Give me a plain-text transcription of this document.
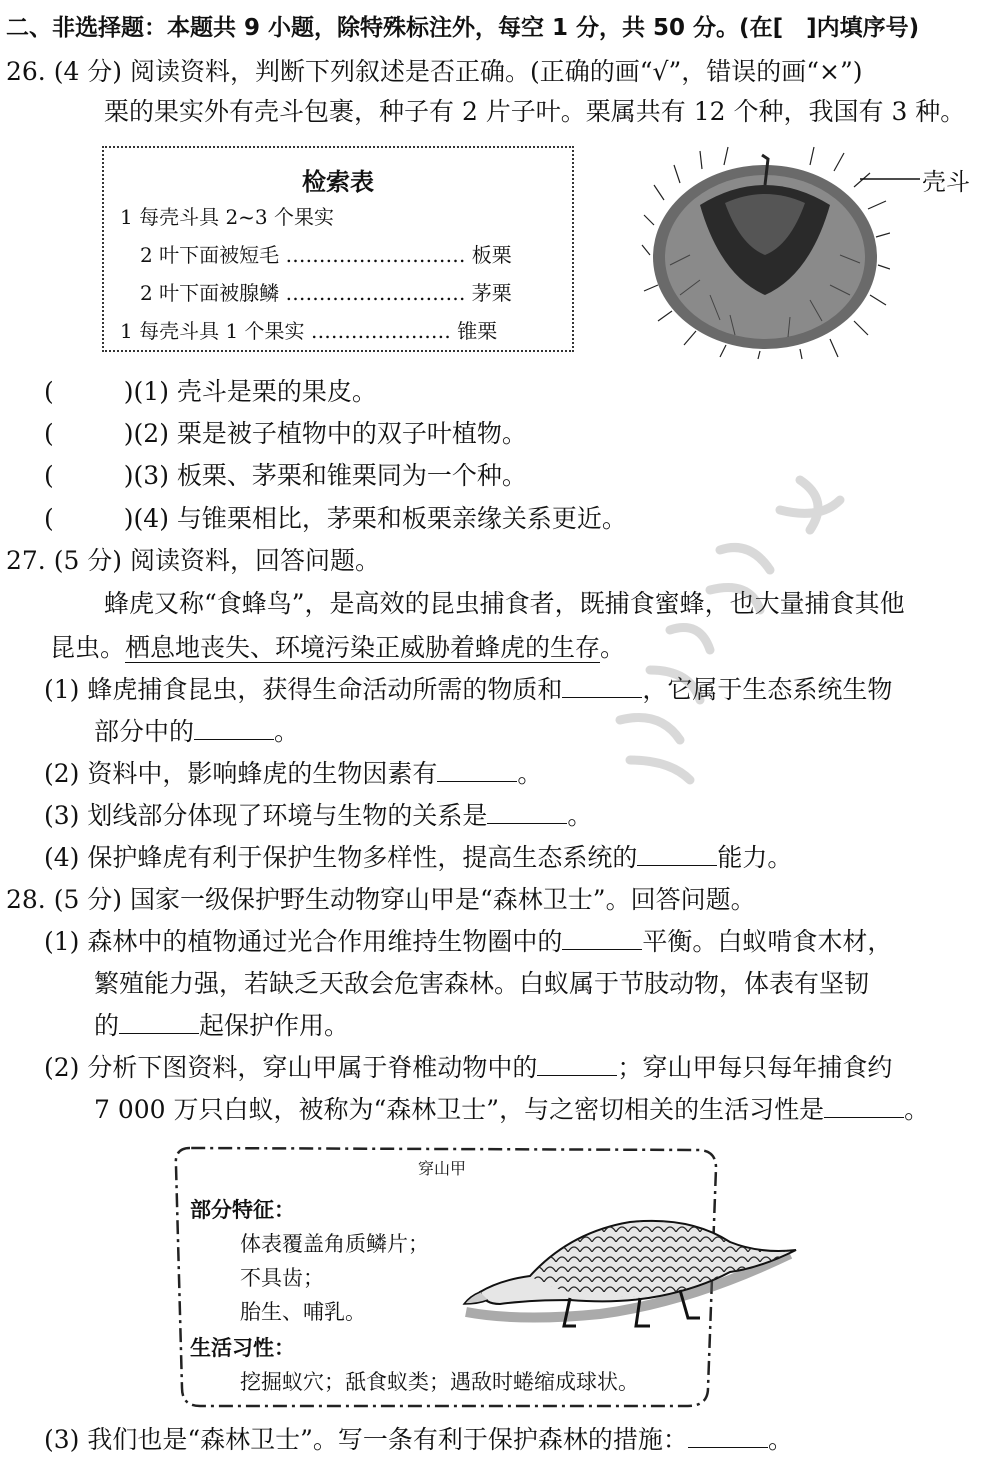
二、非选择题：本题共 9 小题，除特殊标注外，每空 1 分，共 50 分。(在[　]内填序号)
26. (4 分) 阅读资料，判断下列叙述是否正确。(正确的画“√”，错误的画“×”)
栗的果实外有壳斗包裹，种子有 2 片子叶。栗属共有 12 个种，我国有 3 种。
检索表
1 每壳斗具 2~3 个果实
2 叶下面被短毛 ……………………… 板栗
2 叶下面被腺鳞 ……………………… 茅栗
1 每壳斗具 1 个果实 ………………… 锥栗
壳斗
(	)(1) 壳斗是栗的果皮。
(	)(2) 栗是被子植物中的双子叶植物。
(	)(3) 板栗、茅栗和锥栗同为一个种。
(	)(4) 与锥栗相比，茅栗和板栗亲缘关系更近。
27. (5 分) 阅读资料，回答问题。
蜂虎又称“食蜂鸟”，是高效的昆虫捕食者，既捕食蜜蜂，也大量捕食其他
昆虫。栖息地丧失、环境污染正威胁着蜂虎的生存。
(1) 蜂虎捕食昆虫，获得生命活动所需的物质和	，它属于生态系统生物
部分中的	。
(2) 资料中，影响蜂虎的生物因素有	。
(3) 划线部分体现了环境与生物的关系是	。
(4) 保护蜂虎有利于保护生物多样性，提高生态系统的	能力。
28. (5 分) 国家一级保护野生动物穿山甲是“森林卫士”。回答问题。
(1) 森林中的植物通过光合作用维持生物圈中的	平衡。白蚁啃食木材，
繁殖能力强，若缺乏天敌会危害森林。白蚁属于节肢动物，体表有坚韧
的	起保护作用。
(2) 分析下图资料，穿山甲属于脊椎动物中的	；穿山甲每只每年捕食约
7 000 万只白蚁，被称为“森林卫士”，与之密切相关的生活习性是	。
穿山甲
部分特征：
体表覆盖角质鳞片；
不具齿；
胎生、哺乳。
生活习性：
挖掘蚁穴；舐食蚁类；遇敌时蜷缩成球状。
(3) 我们也是“森林卫士”。写一条有利于保护森林的措施：	。
